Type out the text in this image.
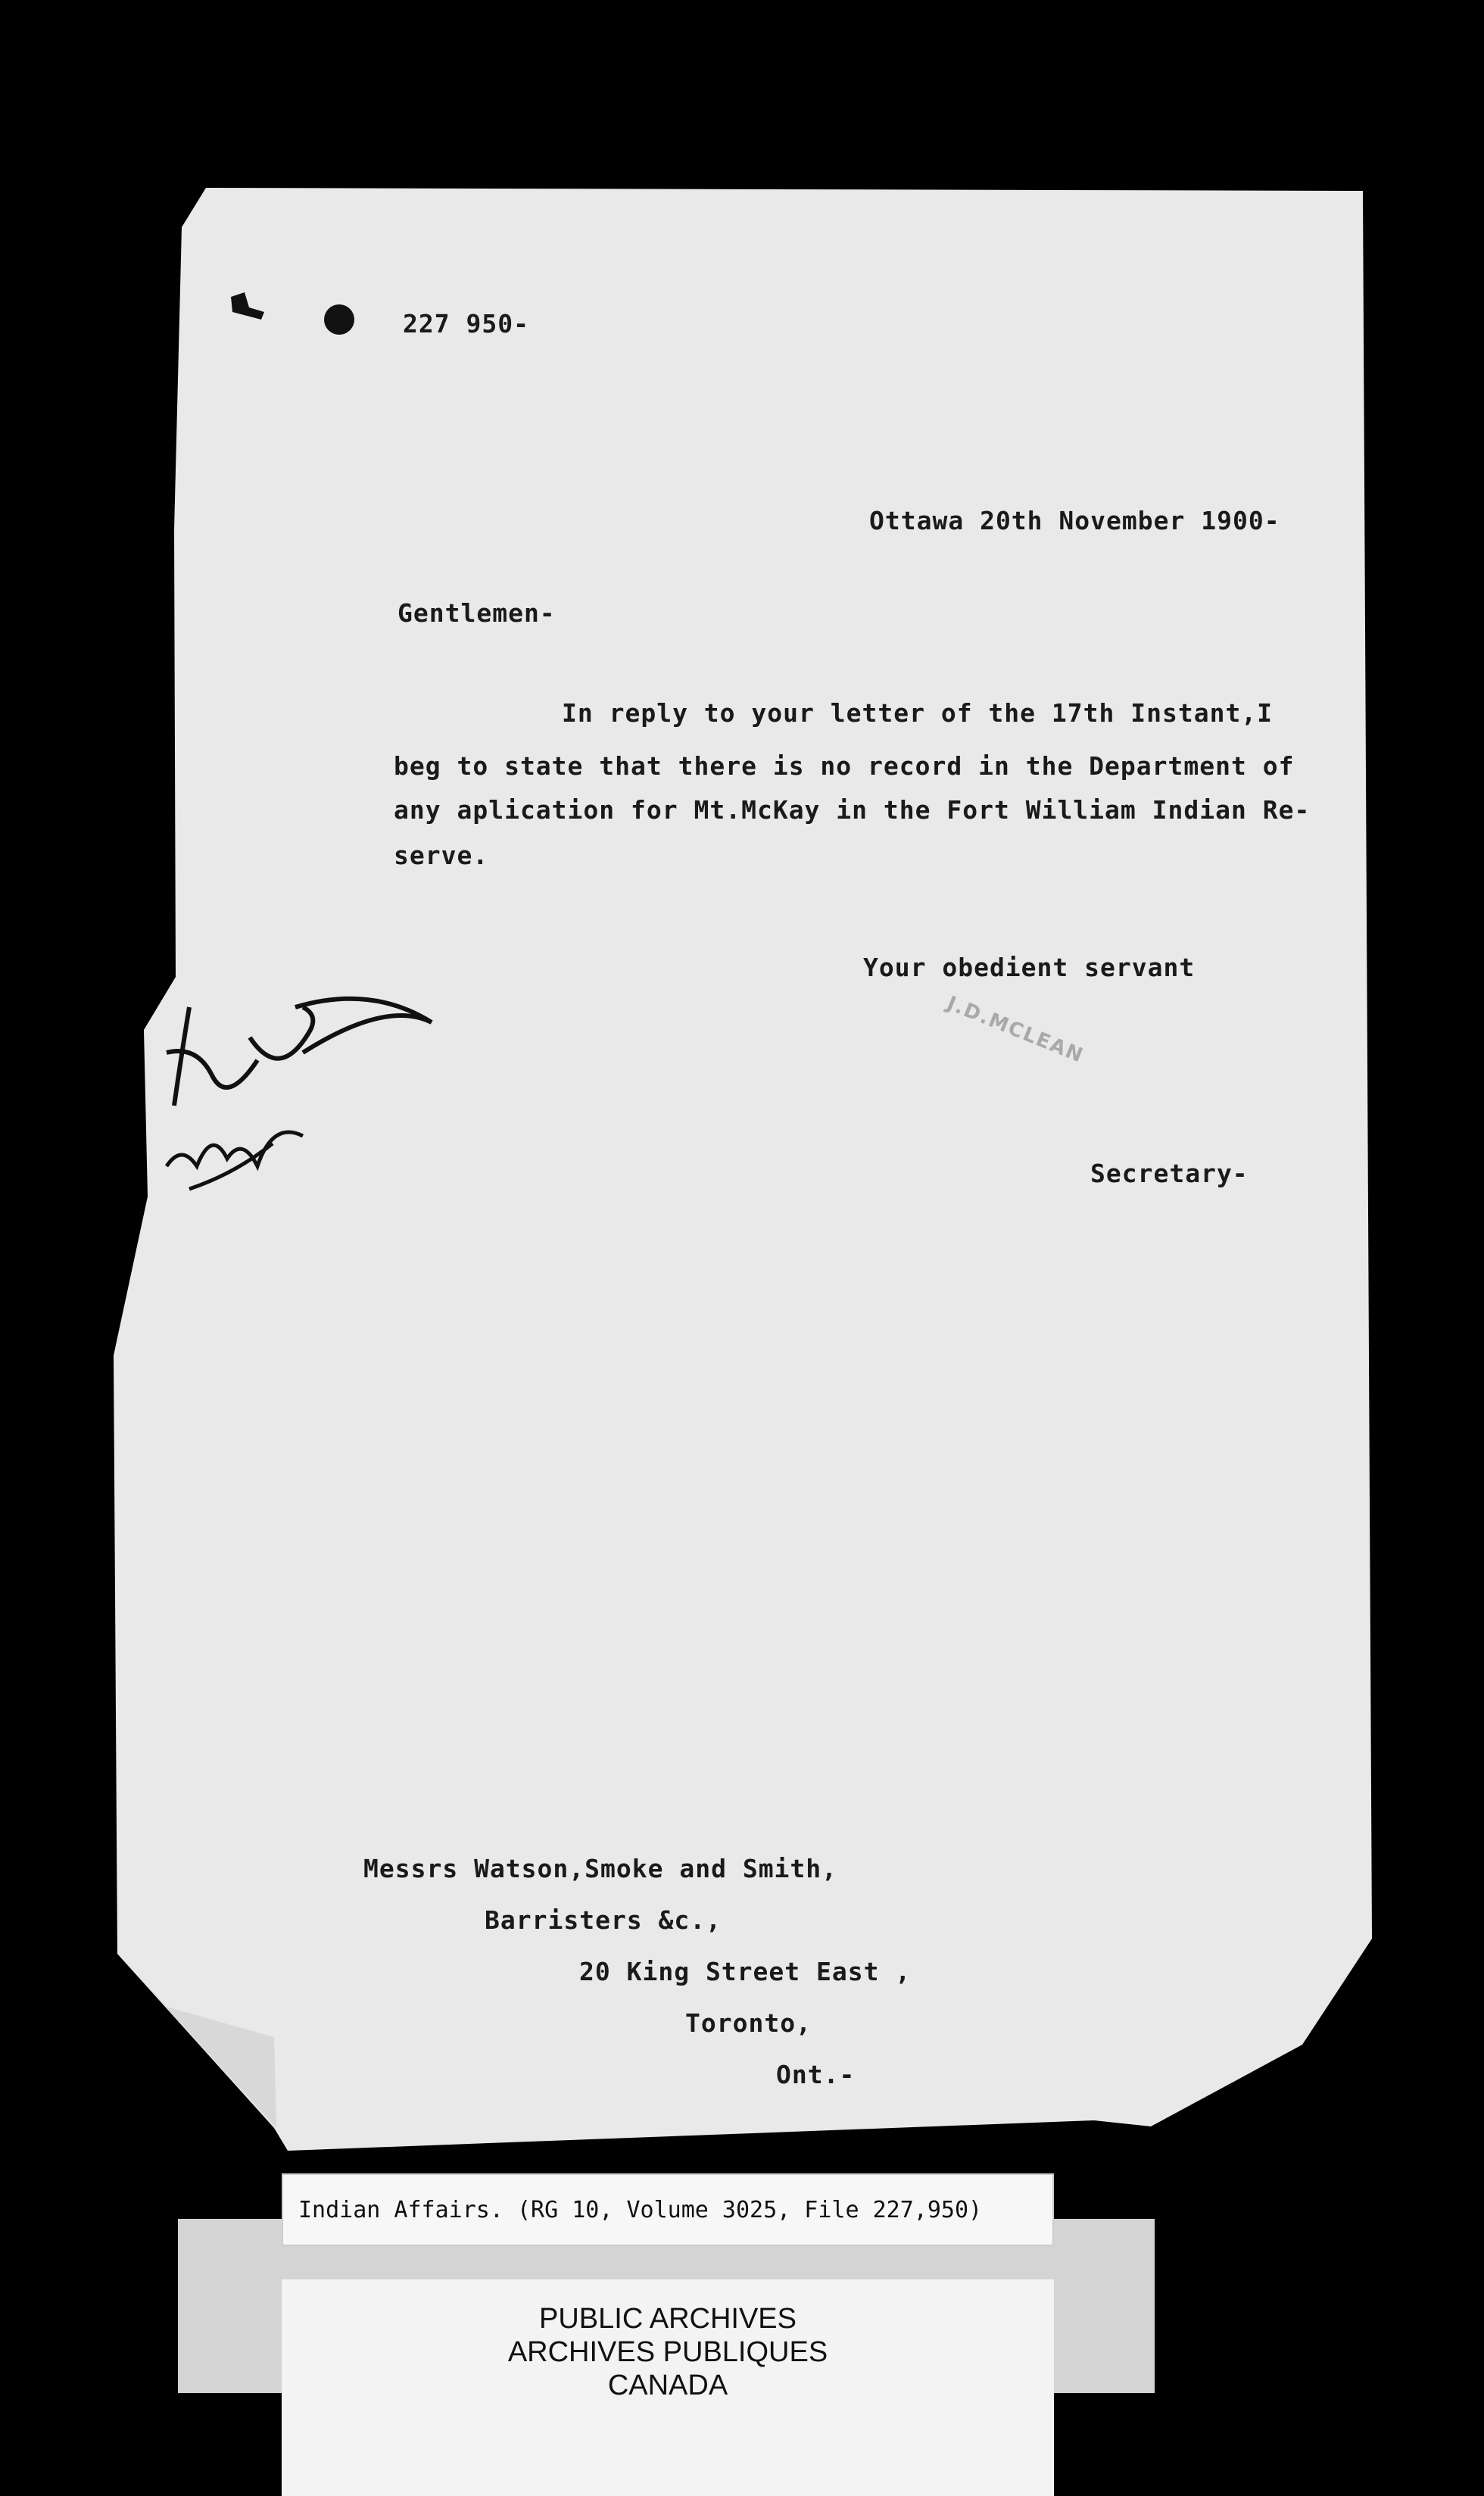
227 950-
Ottawa 20th November 1900-
Gentlemen-
In reply to your letter of the 17th Instant,I
beg to state that there is no record in the Department of
any aplication for Mt.McKay in the Fort William Indian Re-
serve.
Your obedient servant
J.D.MCLEAN
Secretary-
Messrs Watson,Smoke and Smith,
Barristers &c.,
20 King Street East ,
Toronto,
Ont.-
Indian Affairs. (RG 10, Volume 3025, File 227,950)
PUBLIC ARCHIVES
ARCHIVES PUBLIQUES
CANADA
